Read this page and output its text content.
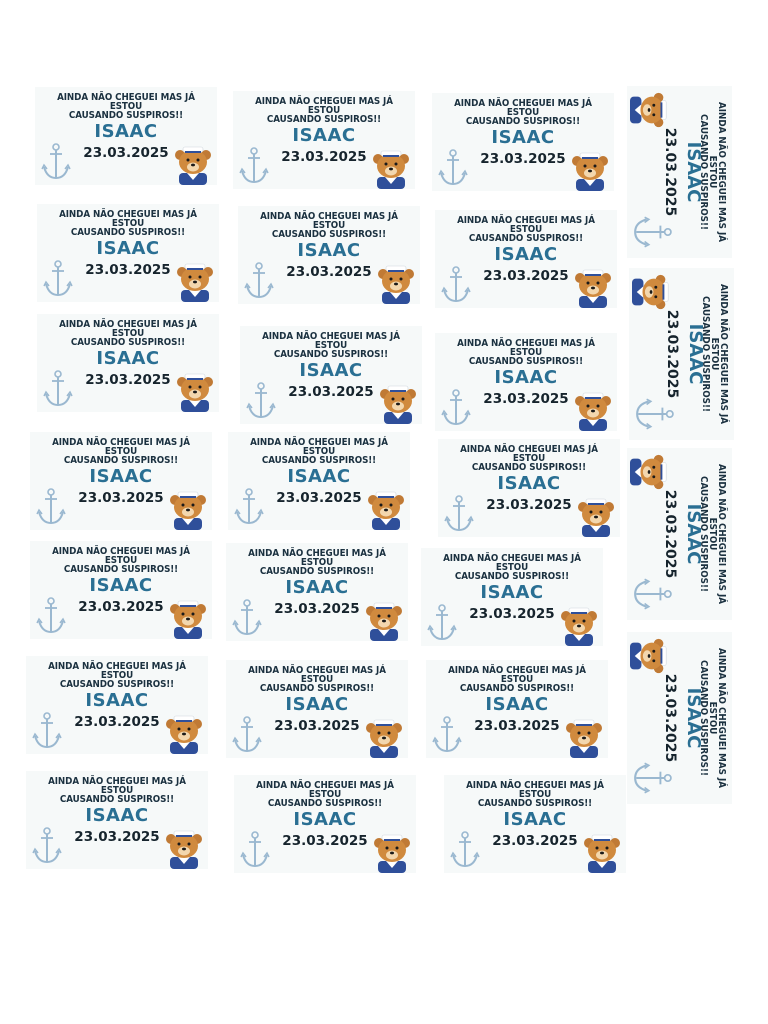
AINDA NÃO CHEGUEI MAS JÁ ESTOU
CAUSANDO SUSPIROS!!
ISAAC
23.03.2025
AINDA NÃO CHEGUEI MAS JÁ ESTOU
CAUSANDO SUSPIROS!!
ISAAC
23.03.2025
AINDA NÃO CHEGUEI MAS JÁ ESTOU
CAUSANDO SUSPIROS!!
ISAAC
23.03.2025
AINDA NÃO CHEGUEI MAS JÁ ESTOU
CAUSANDO SUSPIROS!!
ISAAC
23.03.2025
AINDA NÃO CHEGUEI MAS JÁ ESTOU
CAUSANDO SUSPIROS!!
ISAAC
23.03.2025
AINDA NÃO CHEGUEI MAS JÁ ESTOU
CAUSANDO SUSPIROS!!
ISAAC
23.03.2025
AINDA NÃO CHEGUEI MAS JÁ ESTOU
CAUSANDO SUSPIROS!!
ISAAC
23.03.2025
AINDA NÃO CHEGUEI MAS JÁ ESTOU
CAUSANDO SUSPIROS!!
ISAAC
23.03.2025
AINDA NÃO CHEGUEI MAS JÁ ESTOU
CAUSANDO SUSPIROS!!
ISAAC
23.03.2025
AINDA NÃO CHEGUEI MAS JÁ ESTOU
CAUSANDO SUSPIROS!!
ISAAC
23.03.2025
AINDA NÃO CHEGUEI MAS JÁ ESTOU
CAUSANDO SUSPIROS!!
ISAAC
23.03.2025
AINDA NÃO CHEGUEI MAS JÁ ESTOU
CAUSANDO SUSPIROS!!
ISAAC
23.03.2025
AINDA NÃO CHEGUEI MAS JÁ ESTOU
CAUSANDO SUSPIROS!!
ISAAC
23.03.2025
AINDA NÃO CHEGUEI MAS JÁ ESTOU
CAUSANDO SUSPIROS!!
ISAAC
23.03.2025
AINDA NÃO CHEGUEI MAS JÁ ESTOU
CAUSANDO SUSPIROS!!
ISAAC
23.03.2025
AINDA NÃO CHEGUEI MAS JÁ ESTOU
CAUSANDO SUSPIROS!!
ISAAC
23.03.2025
AINDA NÃO CHEGUEI MAS JÁ ESTOU
CAUSANDO SUSPIROS!!
ISAAC
23.03.2025
AINDA NÃO CHEGUEI MAS JÁ ESTOU
CAUSANDO SUSPIROS!!
ISAAC
23.03.2025
AINDA NÃO CHEGUEI MAS JÁ ESTOU
CAUSANDO SUSPIROS!!
ISAAC
23.03.2025
AINDA NÃO CHEGUEI MAS JÁ ESTOU
CAUSANDO SUSPIROS!!
ISAAC
23.03.2025
AINDA NÃO CHEGUEI MAS JÁ ESTOU
CAUSANDO SUSPIROS!!
ISAAC
23.03.2025
AINDA NÃO CHEGUEI MAS JÁ ESTOU
CAUSANDO SUSPIROS!!
ISAAC
23.03.2025
AINDA NÃO CHEGUEI MAS JÁ ESTOU
CAUSANDO SUSPIROS!!
ISAAC
23.03.2025
AINDA NÃO CHEGUEI MAS JÁ ESTOU
CAUSANDO SUSPIROS!!
ISAAC
23.03.2025
AINDA NÃO CHEGUEI MAS JÁ ESTOU
CAUSANDO SUSPIROS!!
ISAAC
23.03.2025
